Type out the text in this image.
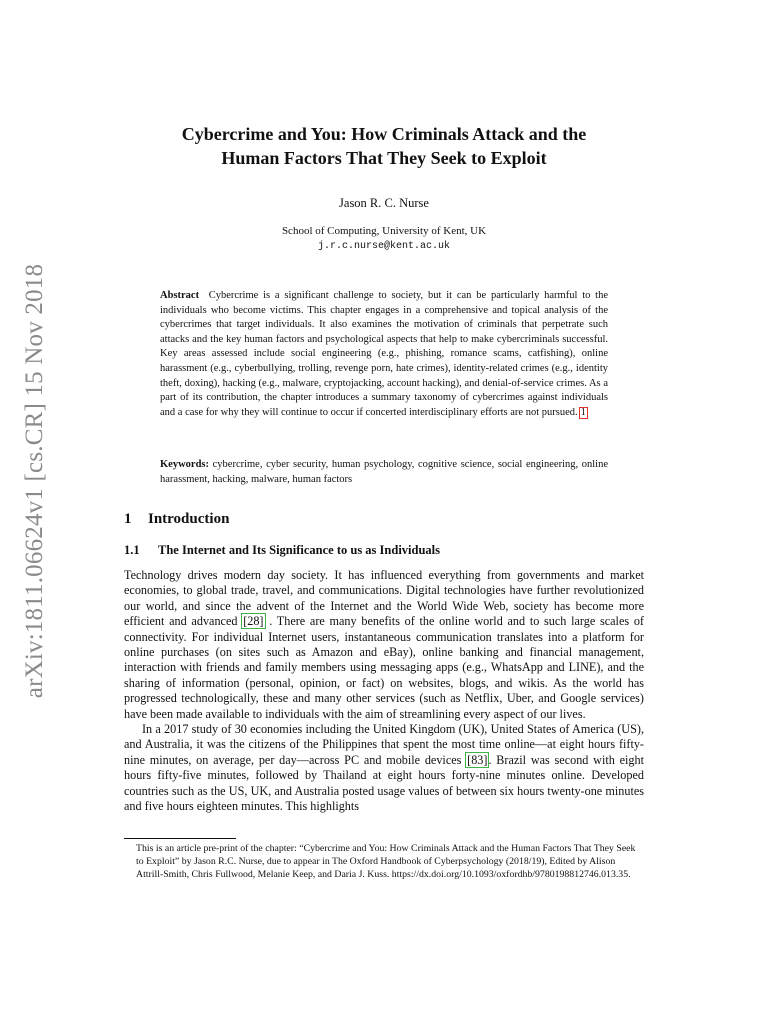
arXiv:1811.06624v1 [cs.CR] 15 Nov 2018
Cybercrime and You: How Criminals Attack and the
Human Factors That They Seek to Exploit
Jason R. C. Nurse
School of Computing, University of Kent, UK
j.r.c.nurse@kent.ac.uk
Abstract Cybercrime is a significant challenge to society, but it can be particularly harmful to the individuals who become victims. This chapter engages in a comprehensive and topical analysis of the cybercrimes that target individuals. It also examines the motivation of criminals that perpetrate such attacks and the key human factors and psychological aspects that help to make cybercriminals successful. Key areas assessed include social engineering (e.g., phishing, romance scams, catfishing), online harassment (e.g., cyberbullying, trolling, revenge porn, hate crimes), identity-related crimes (e.g., identity theft, doxing), hacking (e.g., malware, cryptojacking, account hacking), and denial-of-service crimes. As a part of its contribution, the chapter introduces a summary taxonomy of cybercrimes against individuals and a case for why they will continue to occur if concerted interdisciplinary efforts are not pursued. 1
Keywords: cybercrime, cyber security, human psychology, cognitive science, social engineering, online harassment, hacking, malware, human factors
1 Introduction
1.1 The Internet and Its Significance to us as Individuals

Technology drives modern day society. It has influenced everything from governments and market economies, to global trade, travel, and communications. Digital technologies have further revolutionized our world, and since the advent of the Internet and the World Wide Web, society has become more efficient and advanced [28] . There are many benefits of the online world and to such large scales of connectivity. For individual Internet users, instantaneous communication translates into a platform for online purchases (on sites such as Amazon and eBay), online banking and financial management, interaction with friends and family members using messaging apps (e.g., WhatsApp and LINE), and the sharing of information (personal, opinion, or fact) on websites, blogs, and wikis. As the world has progressed technologically, these and many other services (such as Netflix, Uber, and Google services) have been made available to individuals with the aim of streamlining every aspect of our lives.

In a 2017 study of 30 economies including the United Kingdom (UK), United States of America (US), and Australia, it was the citizens of the Philippines that spent the most time online—at eight hours fifty-nine minutes, on average, per day—across PC and mobile devices [83]. Brazil was second with eight hours fifty-five minutes, followed by Thailand at eight hours forty-nine minutes online. Developed countries such as the US, UK, and Australia posted usage values of between six hours twenty-one minutes and five hours eighteen minutes. This highlights

This is an article pre-print of the chapter: “Cybercrime and You: How Criminals Attack and the Human Factors That They Seek to Exploit” by Jason R.C. Nurse, due to appear in The Oxford Handbook of Cyberpsychology (2018/19), Edited by Alison Attrill-Smith, Chris Fullwood, Melanie Keep, and Daria J. Kuss. https://dx.doi.org/10.1093/oxfordhb/9780198812746.013.35.
